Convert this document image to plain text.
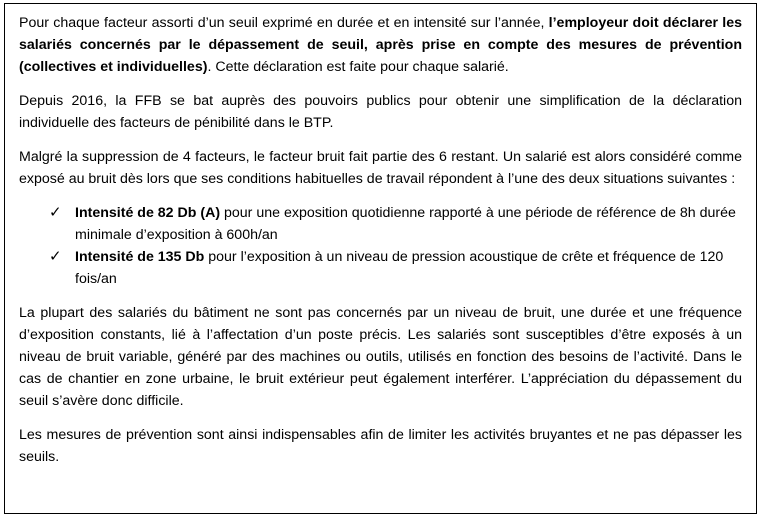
Pour chaque facteur assorti d’un seuil exprimé en durée et en intensité sur l’année, l’employeur doit déclarer les salariés concernés par le dépassement de seuil, après prise en compte des mesures de prévention (collectives et individuelles). Cette déclaration est faite pour chaque salarié.

Depuis 2016, la FFB se bat auprès des pouvoirs publics pour obtenir une simplification de la déclaration individuelle des facteurs de pénibilité dans le BTP.

Malgré la suppression de 4 facteurs, le facteur bruit fait partie des 6 restant. Un salarié est alors considéré comme exposé au bruit dès lors que ses conditions habituelles de travail répondent à l’une des deux situations suivantes :

✓ Intensité de 82 Db (A) pour une exposition quotidienne rapporté à une période de référence de 8h durée minimale d’exposition à 600h/an
✓ Intensité de 135 Db pour l’exposition à un niveau de pression acoustique de crête et fréquence de 120 fois/an

La plupart des salariés du bâtiment ne sont pas concernés par un niveau de bruit, une durée et une fréquence d’exposition constants, lié à l’affectation d’un poste précis. Les salariés sont susceptibles d’être exposés à un niveau de bruit variable, généré par des machines ou outils, utilisés en fonction des besoins de l’activité. Dans le cas de chantier en zone urbaine, le bruit extérieur peut également interférer. L’appréciation du dépassement du seuil s’avère donc difficile.

Les mesures de prévention sont ainsi indispensables afin de limiter les activités bruyantes et ne pas dépasser les seuils.
